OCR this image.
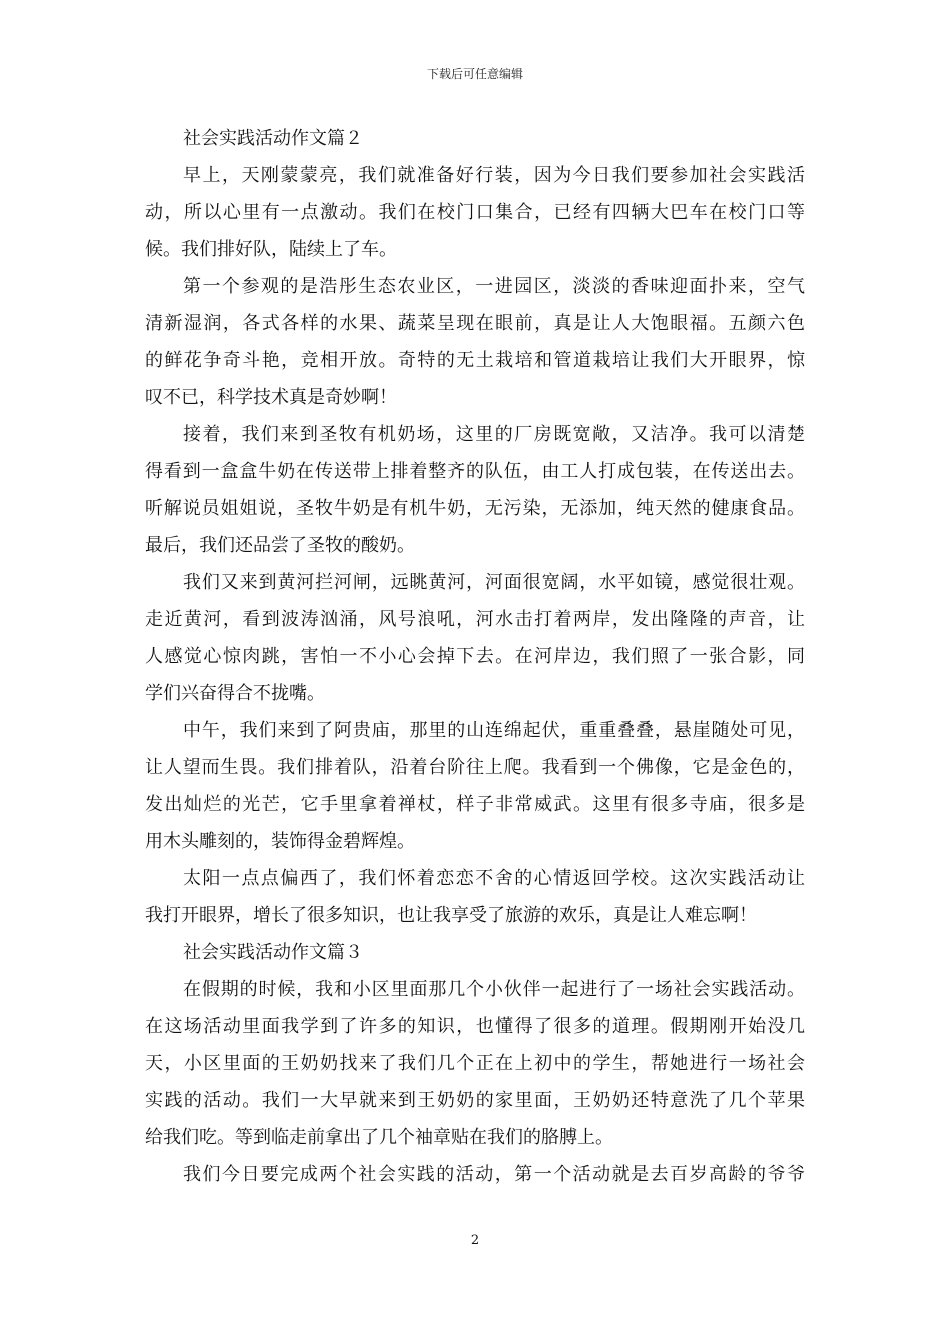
下载后可任意编辑
社会实践活动作文篇２
早上，天刚蒙蒙亮，我们就准备好行装，因为今日我们要参加社会实践活
动，所以心里有一点激动。我们在校门口集合，已经有四辆大巴车在校门口等
候。我们排好队，陆续上了车。
第一个参观的是浩彤生态农业区，一进园区，淡淡的香味迎面扑来，空气
清新湿润，各式各样的水果、蔬菜呈现在眼前，真是让人大饱眼福。五颜六色
的鲜花争奇斗艳，竞相开放。奇特的无土栽培和管道栽培让我们大开眼界，惊
叹不已，科学技术真是奇妙啊！
接着，我们来到圣牧有机奶场，这里的厂房既宽敞，又洁净。我可以清楚
得看到一盒盒牛奶在传送带上排着整齐的队伍，由工人打成包装，在传送出去。
听解说员姐姐说，圣牧牛奶是有机牛奶，无污染，无添加，纯天然的健康食品。
最后，我们还品尝了圣牧的酸奶。
我们又来到黄河拦河闸，远眺黄河，河面很宽阔，水平如镜，感觉很壮观。
走近黄河，看到波涛汹涌，风号浪吼，河水击打着两岸，发出隆隆的声音，让
人感觉心惊肉跳，害怕一不小心会掉下去。在河岸边，我们照了一张合影，同
学们兴奋得合不拢嘴。
中午，我们来到了阿贵庙，那里的山连绵起伏，重重叠叠，悬崖随处可见，
让人望而生畏。我们排着队，沿着台阶往上爬。我看到一个佛像，它是金色的，
发出灿烂的光芒，它手里拿着禅杖，样子非常威武。这里有很多寺庙，很多是
用木头雕刻的，装饰得金碧辉煌。
太阳一点点偏西了，我们怀着恋恋不舍的心情返回学校。这次实践活动让
我打开眼界，增长了很多知识，也让我享受了旅游的欢乐，真是让人难忘啊！
社会实践活动作文篇３
在假期的时候，我和小区里面那几个小伙伴一起进行了一场社会实践活动。
在这场活动里面我学到了许多的知识，也懂得了很多的道理。假期刚开始没几
天，小区里面的王奶奶找来了我们几个正在上初中的学生，帮她进行一场社会
实践的活动。我们一大早就来到王奶奶的家里面，王奶奶还特意洗了几个苹果
给我们吃。等到临走前拿出了几个袖章贴在我们的胳膊上。
我们今日要完成两个社会实践的活动，第一个活动就是去百岁高龄的爷爷
2
